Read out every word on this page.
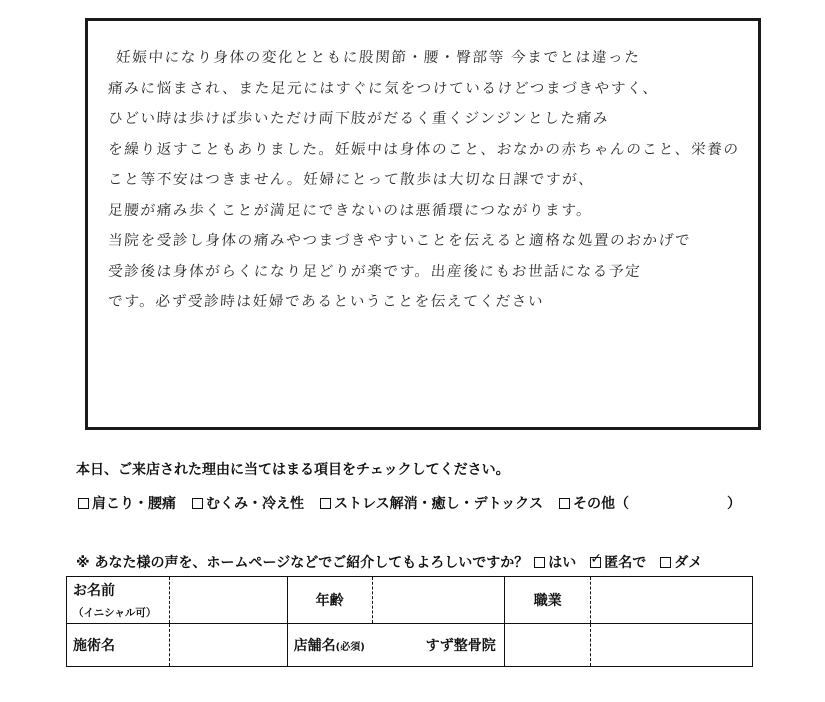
妊娠中になり身体の変化とともに股関節・腰・臀部等 今までとは違った
痛みに悩まされ、また足元にはすぐに気をつけているけどつまづきやすく、
ひどい時は歩けば歩いただけ両下肢がだるく重くジンジンとした痛み
を繰り返すこともありました。妊娠中は身体のこと、おなかの赤ちゃんのこと、栄養の
こと等不安はつきません。妊婦にとって散歩は大切な日課ですが、
足腰が痛み歩くことが満足にできないのは悪循環につながります。
当院を受診し身体の痛みやつまづきやすいことを伝えると適格な処置のおかげで
受診後は身体がらくになり足どりが楽です。出産後にもお世話になる予定
です。必ず受診時は妊婦であるということを伝えてください
本日、ご来店された理由に当てはまる項目をチェックしてください。
肩こり・腰痛 むくみ・冷え性 ストレス解消・癒し・デトックス その他（	）
※ あなた様の声を、ホームページなどでご紹介してもよろしいですか？ はい ✓ 匿名で ダメ
お名前
（イニシャル可）		年齢		職業	
施術名		店舗名(必須) すず整骨院			
